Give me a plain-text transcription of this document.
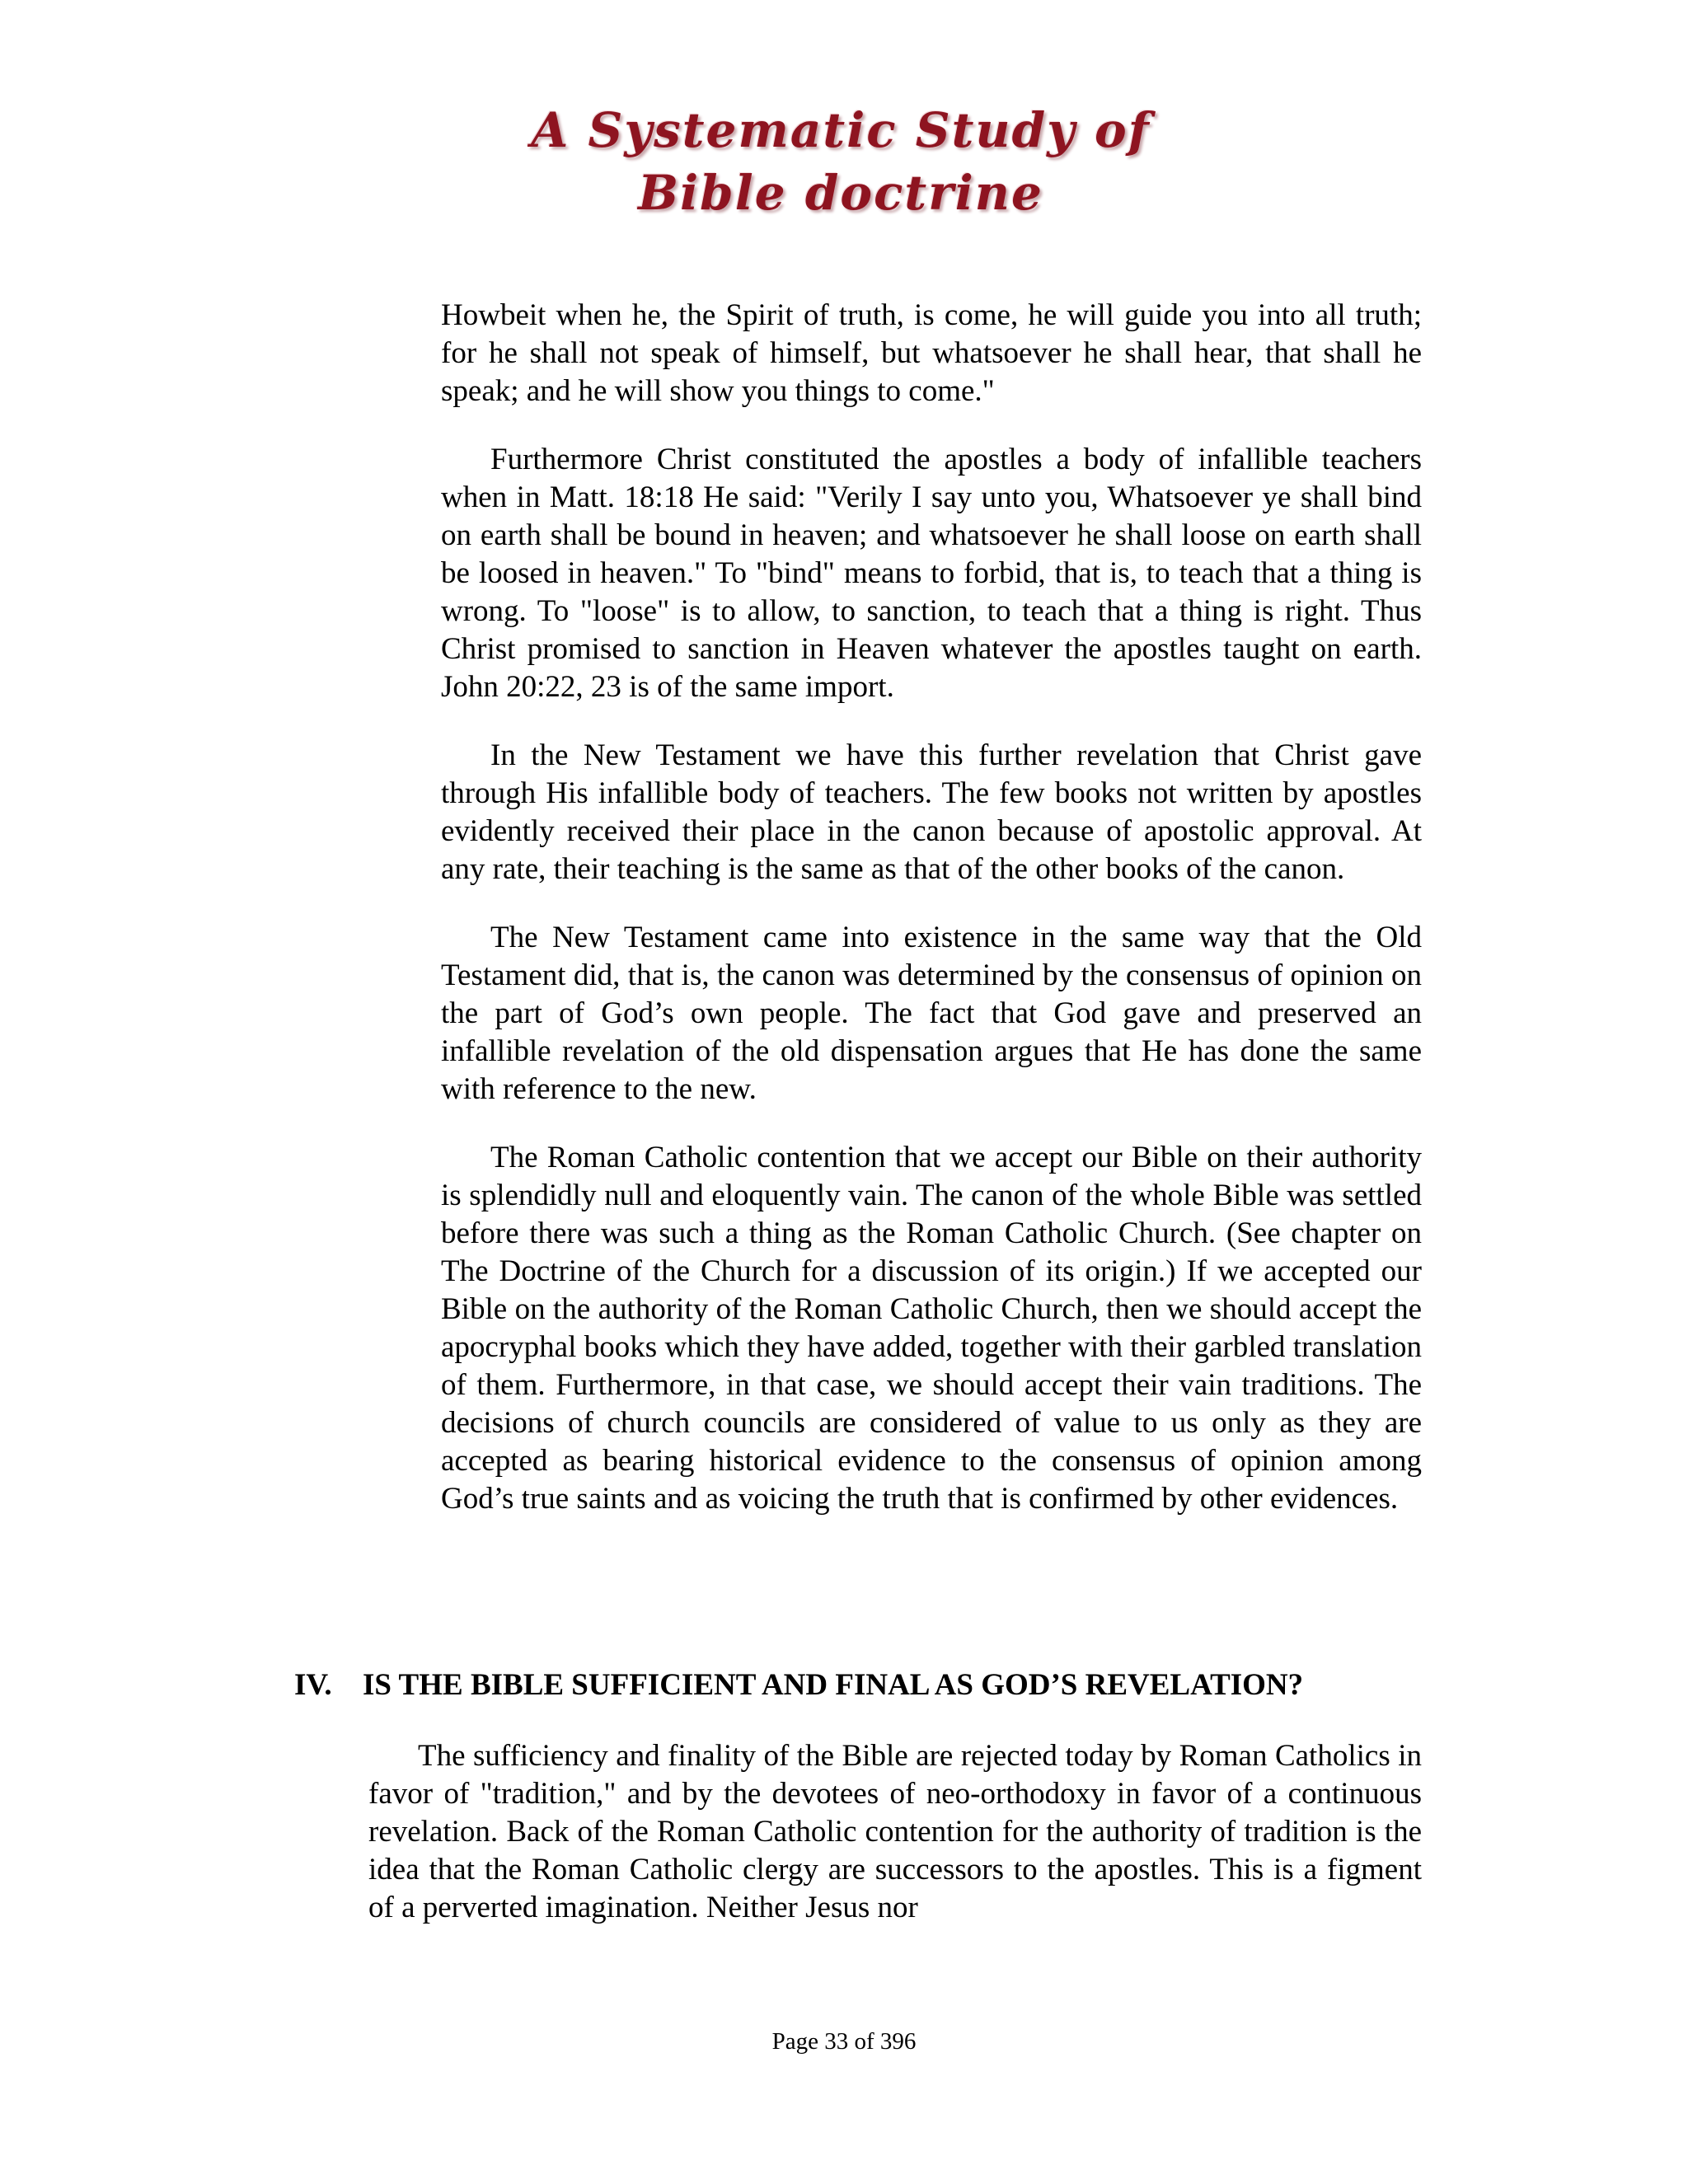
A Systematic Study of
Bible doctrine

Howbeit when he, the Spirit of truth, is come, he will guide you into all truth; for he shall not speak of himself, but whatsoever he shall hear, that shall he speak; and he will show you things to come."

Furthermore Christ constituted the apostles a body of infallible teachers when in Matt. 18:18 He said: "Verily I say unto you, Whatsoever ye shall bind on earth shall be bound in heaven; and whatsoever he shall loose on earth shall be loosed in heaven." To "bind" means to forbid, that is, to teach that a thing is wrong. To "loose" is to allow, to sanction, to teach that a thing is right. Thus Christ promised to sanction in Heaven whatever the apostles taught on earth. John 20:22, 23 is of the same import.

In the New Testament we have this further revelation that Christ gave through His infallible body of teachers. The few books not written by apostles evidently received their place in the canon because of apostolic approval. At any rate, their teaching is the same as that of the other books of the canon.

The New Testament came into existence in the same way that the Old Testament did, that is, the canon was determined by the consensus of opinion on the part of God’s own people. The fact that God gave and preserved an infallible revelation of the old dispensation argues that He has done the same with reference to the new.

The Roman Catholic contention that we accept our Bible on their authority is splendidly null and eloquently vain. The canon of the whole Bible was settled before there was such a thing as the Roman Catholic Church. (See chapter on The Doctrine of the Church for a discussion of its origin.) If we accepted our Bible on the authority of the Roman Catholic Church, then we should accept the apocryphal books which they have added, together with their garbled translation of them. Furthermore, in that case, we should accept their vain traditions. The decisions of church councils are considered of value to us only as they are accepted as bearing historical evidence to the consensus of opinion among God’s true saints and as voicing the truth that is confirmed by other evidences.

IV. IS THE BIBLE SUFFICIENT AND FINAL AS GOD’S REVELATION?

The sufficiency and finality of the Bible are rejected today by Roman Catholics in favor of "tradition," and by the devotees of neo-orthodoxy in favor of a continuous revelation. Back of the Roman Catholic contention for the authority of tradition is the idea that the Roman Catholic clergy are successors to the apostles. This is a figment of a perverted imagination. Neither Jesus nor

Page 33 of 396
